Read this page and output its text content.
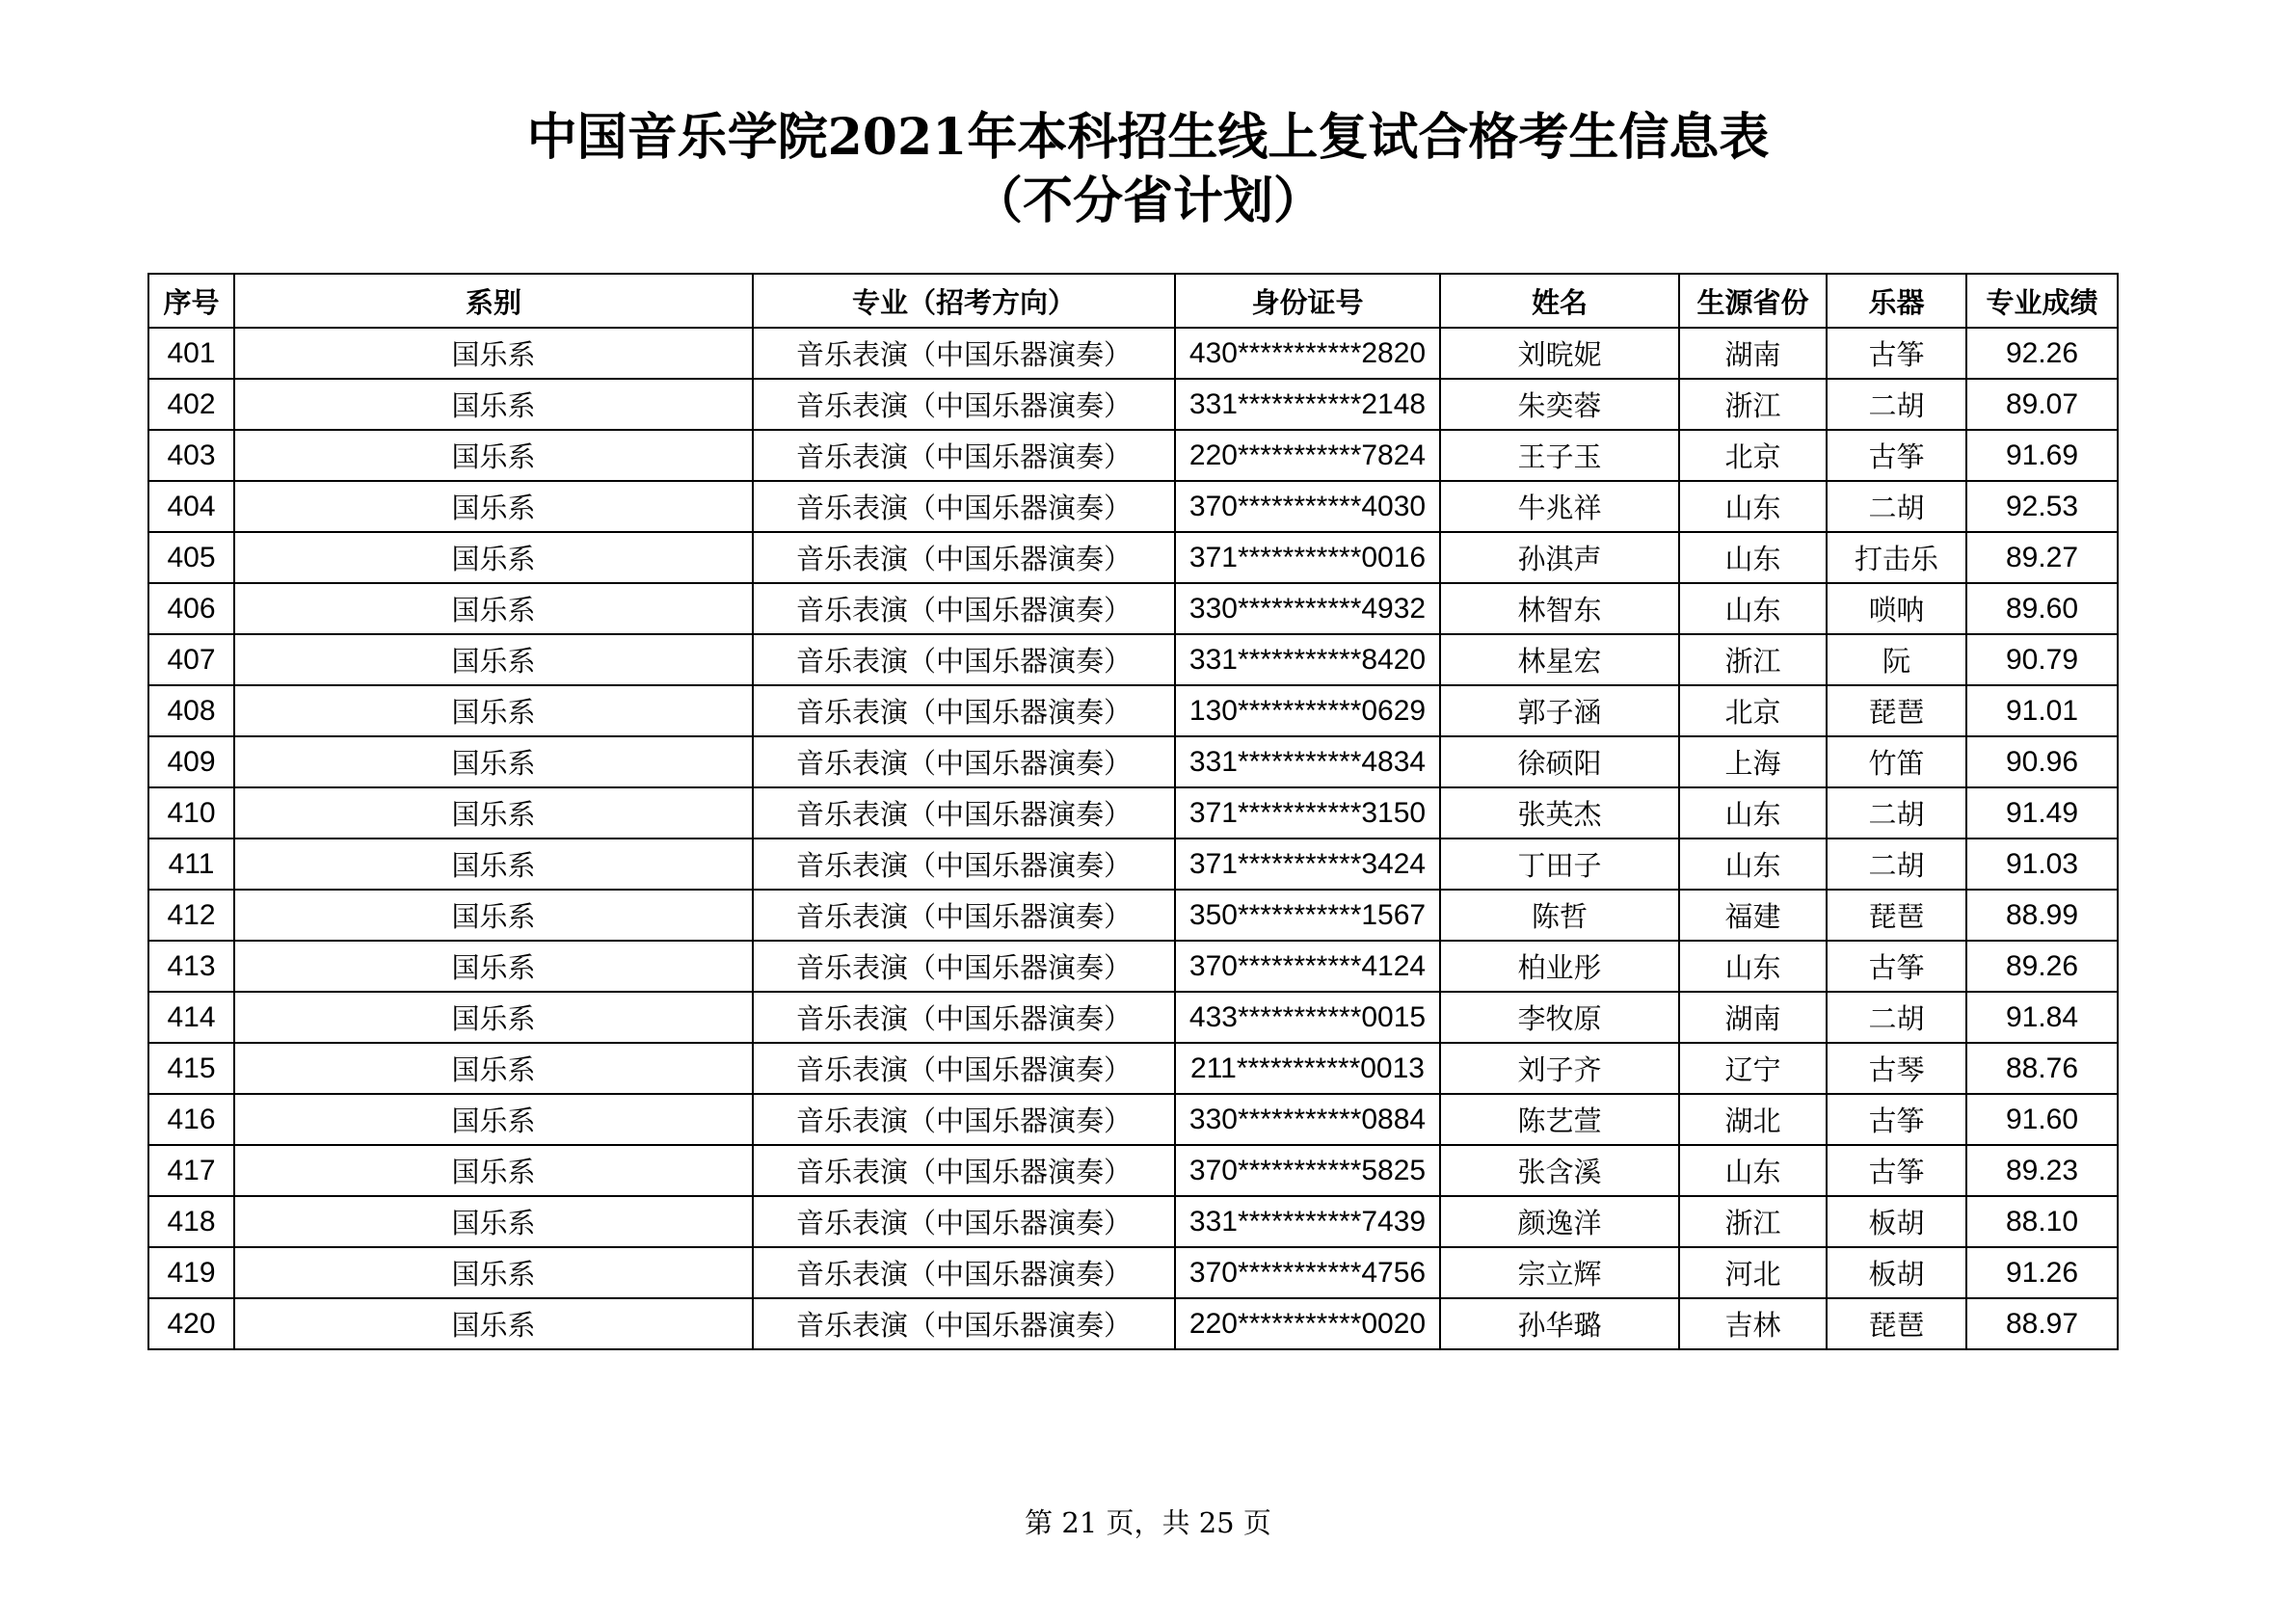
中国音乐学院2021年本科招生线上复试合格考生信息表
（不分省计划）
序号	系别	专业（招考方向）	身份证号	姓名	生源省份	乐器	专业成绩
401	国乐系	音乐表演（中国乐器演奏）	430***********2820	刘晥妮	湖南	古筝	92.26
402	国乐系	音乐表演（中国乐器演奏）	331***********2148	朱奕蓉	浙江	二胡	89.07
403	国乐系	音乐表演（中国乐器演奏）	220***********7824	王子玉	北京	古筝	91.69
404	国乐系	音乐表演（中国乐器演奏）	370***********4030	牛兆祥	山东	二胡	92.53
405	国乐系	音乐表演（中国乐器演奏）	371***********0016	孙淇声	山东	打击乐	89.27
406	国乐系	音乐表演（中国乐器演奏）	330***********4932	林智东	山东	唢呐	89.60
407	国乐系	音乐表演（中国乐器演奏）	331***********8420	林星宏	浙江	阮	90.79
408	国乐系	音乐表演（中国乐器演奏）	130***********0629	郭子涵	北京	琵琶	91.01
409	国乐系	音乐表演（中国乐器演奏）	331***********4834	徐硕阳	上海	竹笛	90.96
410	国乐系	音乐表演（中国乐器演奏）	371***********3150	张英杰	山东	二胡	91.49
411	国乐系	音乐表演（中国乐器演奏）	371***********3424	丁田子	山东	二胡	91.03
412	国乐系	音乐表演（中国乐器演奏）	350***********1567	陈哲	福建	琵琶	88.99
413	国乐系	音乐表演（中国乐器演奏）	370***********4124	柏业彤	山东	古筝	89.26
414	国乐系	音乐表演（中国乐器演奏）	433***********0015	李牧原	湖南	二胡	91.84
415	国乐系	音乐表演（中国乐器演奏）	211***********0013	刘子齐	辽宁	古琴	88.76
416	国乐系	音乐表演（中国乐器演奏）	330***********0884	陈艺萱	湖北	古筝	91.60
417	国乐系	音乐表演（中国乐器演奏）	370***********5825	张含溪	山东	古筝	89.23
418	国乐系	音乐表演（中国乐器演奏）	331***********7439	颜逸洋	浙江	板胡	88.10
419	国乐系	音乐表演（中国乐器演奏）	370***********4756	宗立辉	河北	板胡	91.26
420	国乐系	音乐表演（中国乐器演奏）	220***********0020	孙华璐	吉林	琵琶	88.97
第 21 页，共 25 页
